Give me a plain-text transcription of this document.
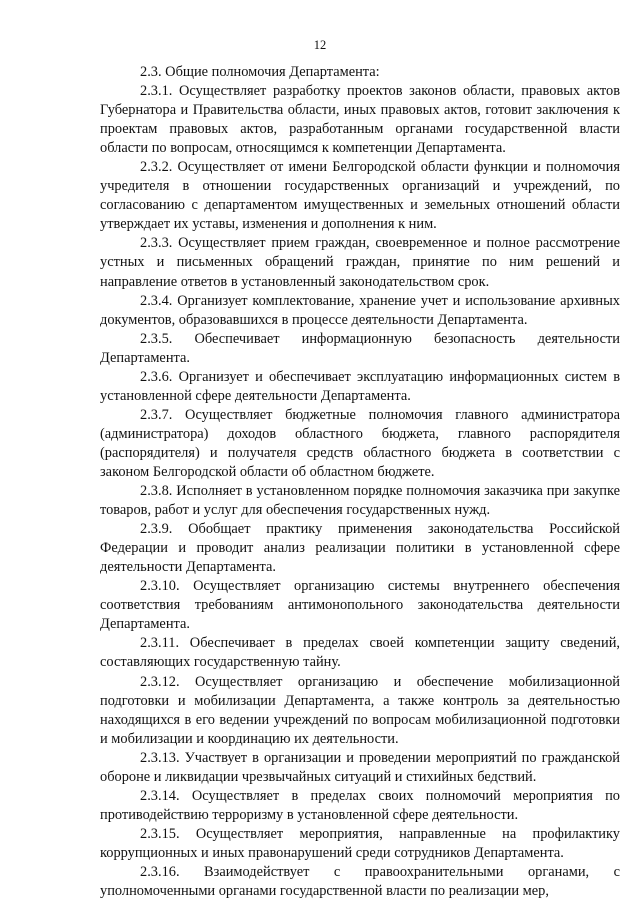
12

2.3. Общие полномочия Департамента:

2.3.1. Осуществляет разработку проектов законов области, правовых актов Губернатора и Правительства области, иных правовых актов, готовит заключения к проектам правовых актов, разработанным органами государственной власти области по вопросам, относящимся к компетенции Департамента.

2.3.2. Осуществляет от имени Белгородской области функции и полномочия учредителя в отношении государственных организаций и учреждений, по согласованию с департаментом имущественных и земельных отношений области утверждает их уставы, изменения и дополнения к ним.

2.3.3. Осуществляет прием граждан, своевременное и полное рассмотрение устных и письменных обращений граждан, принятие по ним решений и направление ответов в установленный законодательством срок.

2.3.4. Организует комплектование, хранение учет и использование архивных документов, образовавшихся в процессе деятельности Департамента.

2.3.5. Обеспечивает информационную безопасность деятельности Департамента.

2.3.6. Организует и обеспечивает эксплуатацию информационных систем в установленной сфере деятельности Департамента.

2.3.7. Осуществляет бюджетные полномочия главного администратора (администратора) доходов областного бюджета, главного распорядителя (распорядителя) и получателя средств областного бюджета в соответствии с законом Белгородской области об областном бюджете.

2.3.8. Исполняет в установленном порядке полномочия заказчика при закупке товаров, работ и услуг для обеспечения государственных нужд.

2.3.9. Обобщает практику применения законодательства Российской Федерации и проводит анализ реализации политики в установленной сфере деятельности Департамента.

2.3.10. Осуществляет организацию системы внутреннего обеспечения соответствия требованиям антимонопольного законодательства деятельности Департамента.

2.3.11. Обеспечивает в пределах своей компетенции защиту сведений, составляющих государственную тайну.

2.3.12. Осуществляет организацию и обеспечение мобилизационной подготовки и мобилизации Департамента, а также контроль за деятельностью находящихся в его ведении учреждений по вопросам мобилизационной подготовки и мобилизации и координацию их деятельности.

2.3.13. Участвует в организации и проведении мероприятий по гражданской обороне и ликвидации чрезвычайных ситуаций и стихийных бедствий.

2.3.14. Осуществляет в пределах своих полномочий мероприятия по противодействию терроризму в установленной сфере деятельности.

2.3.15. Осуществляет мероприятия, направленные на профилактику коррупционных и иных правонарушений среди сотрудников Департамента.

2.3.16. Взаимодействует с правоохранительными органами, с уполномоченными органами государственной власти по реализации мер,
